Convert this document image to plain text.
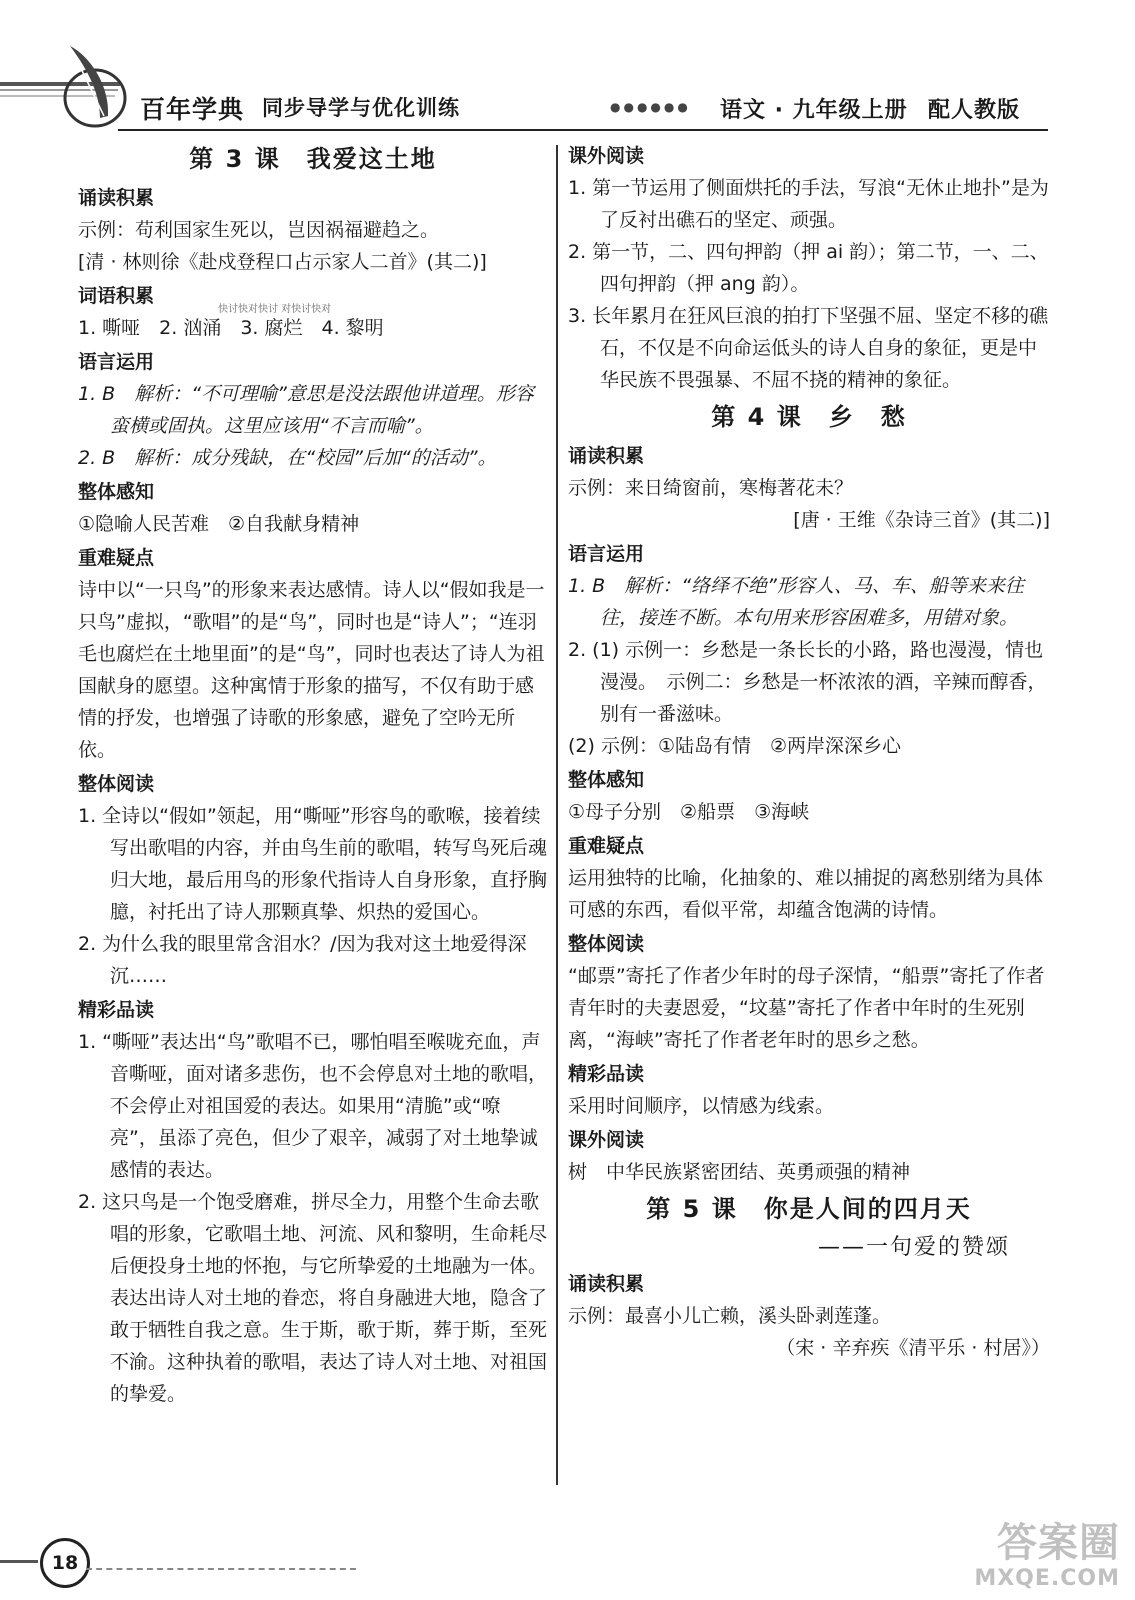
百年学典 同步导学与优化训练	●●●●●● 语文 · 九年级上册 配人教版
第 3 课 我爱这土地
诵读积累
示例：苟利国家生死以，岂因祸福避趋之。
[清 · 林则徐《赴戍登程口占示家人二首》(其二)]
词语积累
快讨快对快讨 对快讨快对
1. 嘶哑　2. 汹涌　3. 腐烂　4. 黎明
语言运用
1. B　解析：“不可理喻”意思是没法跟他讲道理。形容蛮横或固执。这里应该用“不言而喻”。
2. B　解析：成分残缺，在“校园”后加“的活动”。
整体感知
①隐喻人民苦难　②自我献身精神
重难疑点
诗中以“一只鸟”的形象来表达感情。诗人以“假如我是一只鸟”虚拟，“歌唱”的是“鸟”，同时也是“诗人”；“连羽毛也腐烂在土地里面”的是“鸟”，同时也表达了诗人为祖国献身的愿望。这种寓情于形象的描写，不仅有助于感情的抒发，也增强了诗歌的形象感，避免了空吟无所依。
整体阅读
1. 全诗以“假如”领起，用“嘶哑”形容鸟的歌喉，接着续写出歌唱的内容，并由鸟生前的歌唱，转写鸟死后魂归大地，最后用鸟的形象代指诗人自身形象，直抒胸臆，衬托出了诗人那颗真挚、炽热的爱国心。
2. 为什么我的眼里常含泪水？/因为我对这土地爱得深沉……
精彩品读
1. “嘶哑”表达出“鸟”歌唱不已，哪怕唱至喉咙充血，声音嘶哑，面对诸多悲伤，也不会停息对土地的歌唱，不会停止对祖国爱的表达。如果用“清脆”或“嘹亮”，虽添了亮色，但少了艰辛，减弱了对土地挚诚感情的表达。
2. 这只鸟是一个饱受磨难，拼尽全力，用整个生命去歌唱的形象，它歌唱土地、河流、风和黎明，生命耗尽后便投身土地的怀抱，与它所挚爱的土地融为一体。表达出诗人对土地的眷恋，将自身融进大地，隐含了敢于牺牲自我之意。生于斯，歌于斯，葬于斯，至死不渝。这种执着的歌唱，表达了诗人对土地、对祖国的挚爱。
课外阅读
1. 第一节运用了侧面烘托的手法，写浪“无休止地扑”是为了反衬出礁石的坚定、顽强。
2. 第一节，二、四句押韵（押 ai 韵）；第二节，一、二、四句押韵（押 ang 韵）。
3. 长年累月在狂风巨浪的拍打下坚强不屈、坚定不移的礁石，不仅是不向命运低头的诗人自身的象征，更是中华民族不畏强暴、不屈不挠的精神的象征。
第 4 课 乡　愁
诵读积累
示例：来日绮窗前，寒梅著花未？
[唐 · 王维《杂诗三首》(其二)]
语言运用
1. B　解析：“络绎不绝”形容人、马、车、船等来来往往，接连不断。本句用来形容困难多，用错对象。
2. (1) 示例一：乡愁是一条长长的小路，路也漫漫，情也漫漫。　示例二：乡愁是一杯浓浓的酒，辛辣而醇香，别有一番滋味。
(2) 示例：①陆岛有情　②两岸深深乡心
整体感知
①母子分别　②船票　③海峡
重难疑点
运用独特的比喻，化抽象的、难以捕捉的离愁别绪为具体可感的东西，看似平常，却蕴含饱满的诗情。
整体阅读
“邮票”寄托了作者少年时的母子深情，“船票”寄托了作者青年时的夫妻恩爱，“坟墓”寄托了作者中年时的生死别离，“海峡”寄托了作者老年时的思乡之愁。
精彩品读
采用时间顺序，以情感为线索。
课外阅读
树　中华民族紧密团结、英勇顽强的精神
第 5 课 你是人间的四月天
——一句爱的赞颂
诵读积累
示例：最喜小儿亡赖，溪头卧剥莲蓬。
（宋 · 辛弃疾《清平乐 · 村居》）
18	答案圈
MXQE.COM
